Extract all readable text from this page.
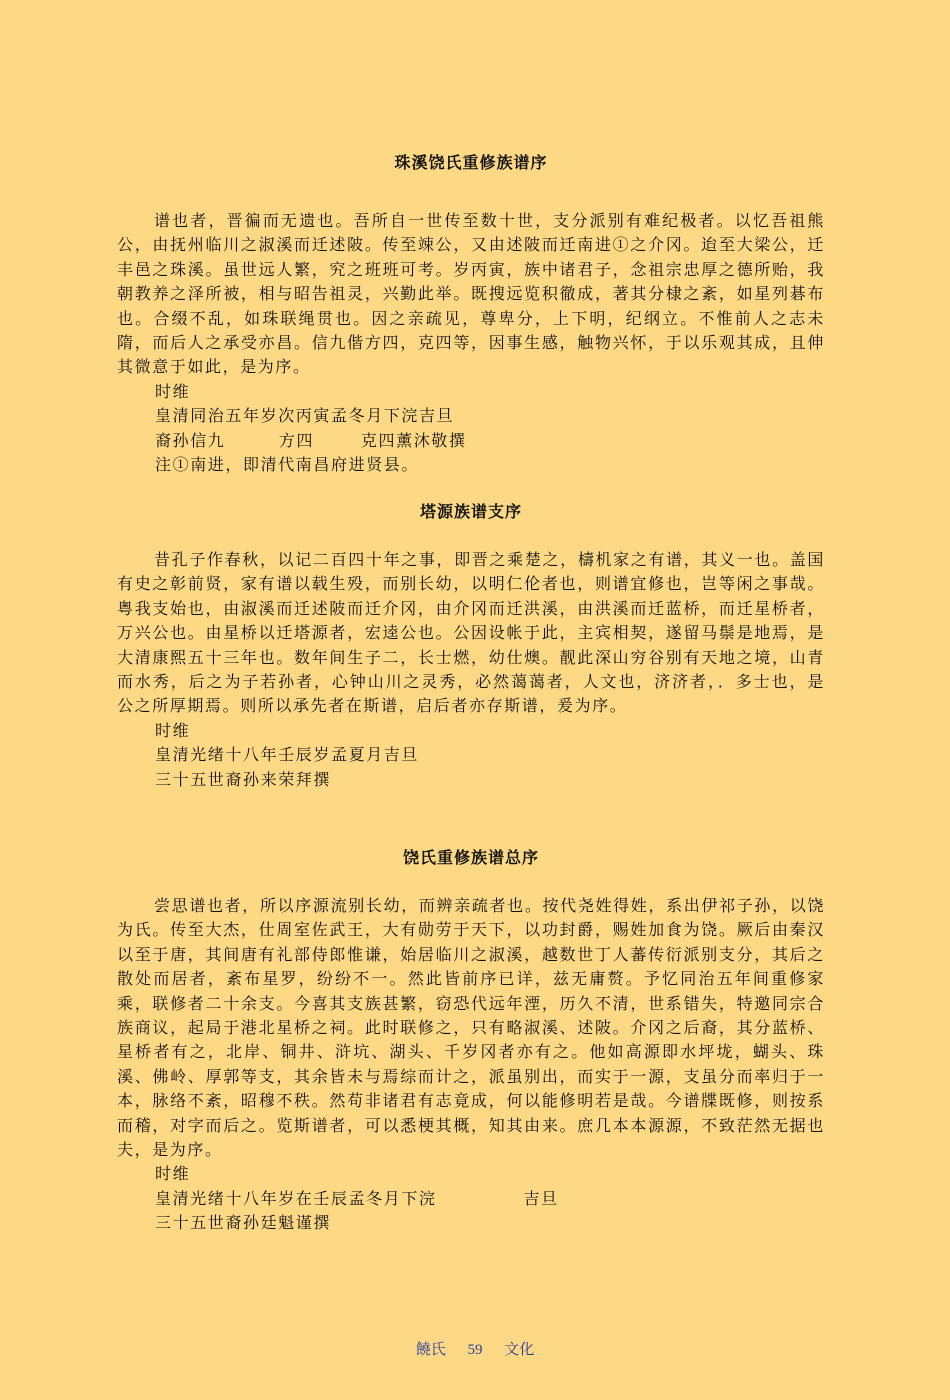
珠溪饶氏重修族谱序

谱也者，晋徧而无遗也。吾所自一世传至数十世，支分派别有难纪极者。以忆吾祖熊公，由抚州临川之淑溪而迁述陂。传至竦公，又由述陂而迁南进①之介冈。迨至大梁公，迁丰邑之珠溪。虽世远人繁，究之班班可考。岁丙寅，族中诸君子，念祖宗忠厚之德所贻，我朝教养之泽所被，相与昭告祖灵，兴勤此举。既搜远览积徹成，著其分棣之紊，如星列碁布也。合缀不乱，如珠联绳贯也。因之亲疏见，尊卑分，上下明，纪纲立。不惟前人之志未隋，而后人之承受亦昌。信九偕方四，克四等，因事生感，触物兴怀，于以乐观其成，且伸其微意于如此，是为序。

时维

皇清同治五年岁次丙寅孟冬月下浣吉旦

裔孙信九        方四       克四薰沐敬撰

注①南进，即清代南昌府进贤县。

塔源族谱支序

昔孔子作春秋，以记二百四十年之事，即晋之乘楚之，檮机家之有谱，其义一也。盖国有史之彰前贤，家有谱以载生殁，而别长幼，以明仁伦者也，则谱宜修也，岂等闲之事哉。粤我支始也，由淑溪而迁述陂而迁介冈，由介冈而迁洪溪，由洪溪而迁蓝桥，而迁星桥者，万兴公也。由星桥以迁塔源者，宏逵公也。公因设帐于此，主宾相契，遂留马鬃是地焉，是大清康熙五十三年也。数年间生子二，长士燃，幼仕燠。靓此深山穷谷别有天地之境，山青而水秀，后之为子若孙者，心钟山川之灵秀，必然蔼蔼者，人文也，济济者，．多士也，是公之所厚期焉。则所以承先者在斯谱，启后者亦存斯谱，爰为序。

时维

皇清光绪十八年壬辰岁孟夏月吉旦

三十五世裔孙来荣拜撰

饶氏重修族谱总序

尝思谱也者，所以序源流别长幼，而辨亲疏者也。按代尧姓得姓，系出伊祁子孙，以饶为氏。传至大杰，仕周室佐武王，大有勋劳于天下，以功封爵，赐姓加食为饶。厥后由秦汉以至于唐，其间唐有礼部侍郎惟谦，始居临川之淑溪，越数世丁人蕃传衍派别支分，其后之散处而居者，紊布星罗，纷纷不一。然此皆前序已详，兹无庸赘。予忆同治五年间重修家乘，联修者二十余支。今喜其支族甚繁，窃恐代远年湮，历久不清，世系错失，特邀同宗合族商议，起局于港北星桥之祠。此时联修之，只有略淑溪、述陂。介冈之后裔，其分蓝桥、星桥者有之，北岸、铜井、浒坑、湖头、千岁冈者亦有之。他如高源即水坪垅，蝴头、珠溪、佛岭、厚郭等支，其余皆未与焉综而计之，派虽别出，而实于一源，支虽分而率归于一本，脉络不紊，昭穆不秩。然苟非诸君有志竟成，何以能修明若是哉。今谱牒既修，则按系而稽，对字而后之。览斯谱者，可以悉梗其概，知其由来。庶几本本源源，不致茫然无据也夫，是为序。

时维

皇清光绪十八年岁在壬辰孟冬月下浣             吉旦

三十五世裔孙廷魁谨撰

饒氏 59 文化
